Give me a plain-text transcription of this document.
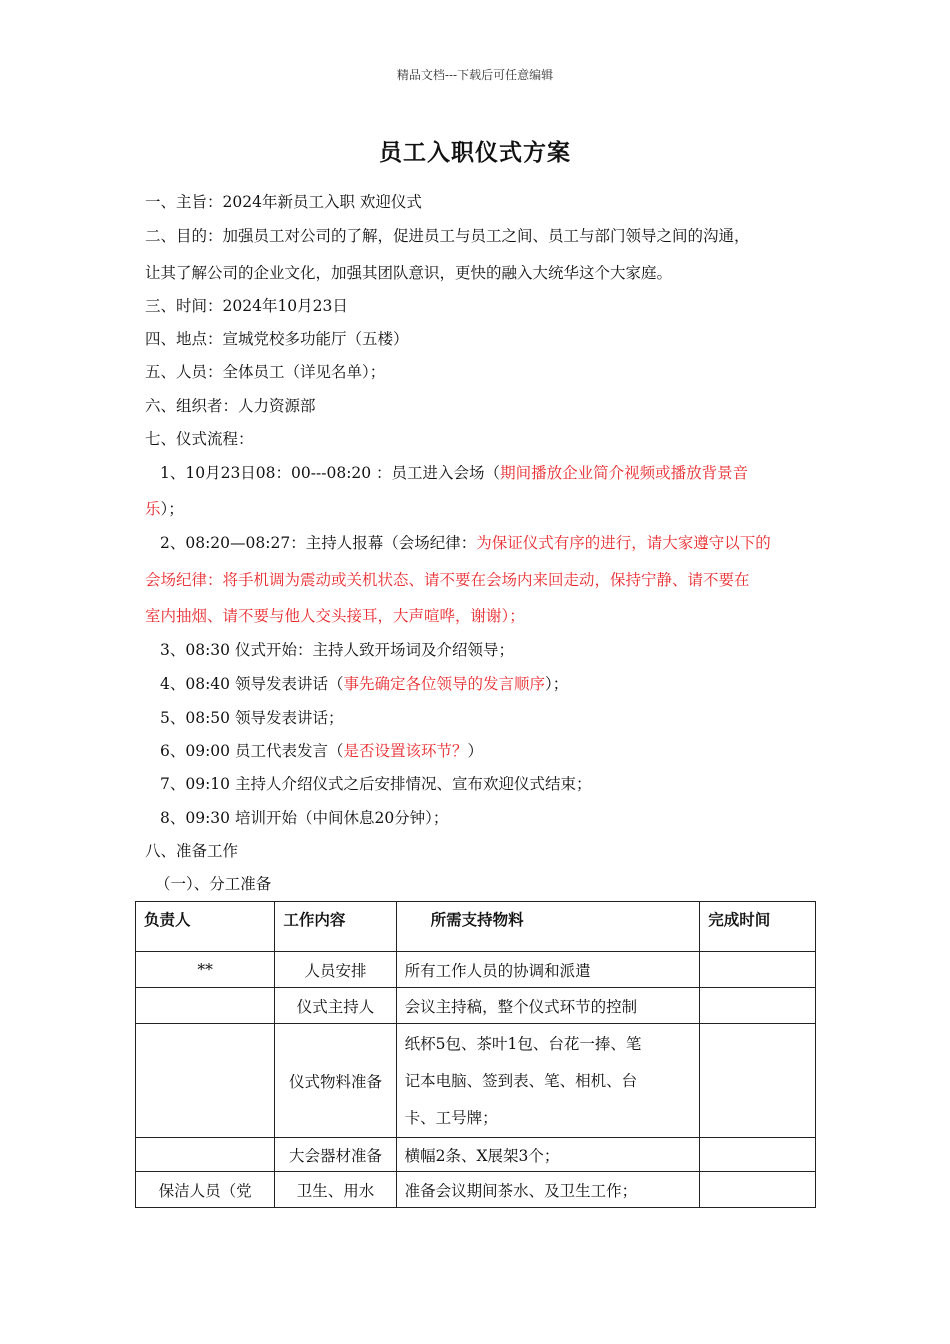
精品文档---下载后可任意编辑
员工入职仪式方案
一、主旨：2024年新员工入职 欢迎仪式
二、目的：加强员工对公司的了解，促进员工与员工之间、员工与部门领导之间的沟通，
让其了解公司的企业文化，加强其团队意识，更快的融入大统华这个大家庭。
三、时间：2024年10月23日
四、地点：宣城党校多功能厅（五楼）
五、人员：全体员工（详见名单）；
六、组织者：人力资源部
七、仪式流程：
1、10月23日08：00---08:20 ：员工进入会场（期间播放企业简介视频或播放背景音
乐）；
2、08:20—08:27：主持人报幕（会场纪律：为保证仪式有序的进行，请大家遵守以下的
会场纪律：将手机调为震动或关机状态、请不要在会场内来回走动，保持宁静、请不要在
室内抽烟、请不要与他人交头接耳，大声喧哗，谢谢）；
3、08:30 仪式开始：主持人致开场词及介绍领导；
4、08:40 领导发表讲话（事先确定各位领导的发言顺序）；
5、08:50 领导发表讲话；
6、09:00 员工代表发言（是否设置该环节？）
7、09:10 主持人介绍仪式之后安排情况、宣布欢迎仪式结束；
8、09:30 培训开始（中间休息20分钟）；
八、准备工作
（一）、分工准备
负责人	工作内容	所需支持物料	完成时间
**	人员安排	所有工作人员的协调和派遣	
	仪式主持人	会议主持稿，整个仪式环节的控制	
	仪式物料准备	纸杯5包、茶叶1包、台花一捧、笔
记本电脑、签到表、笔、相机、台
卡、工号牌；	

	大会器材准备	横幅2条、X展架3个；	
保洁人员（党	卫生、用水	准备会议期间茶水、及卫生工作；	
